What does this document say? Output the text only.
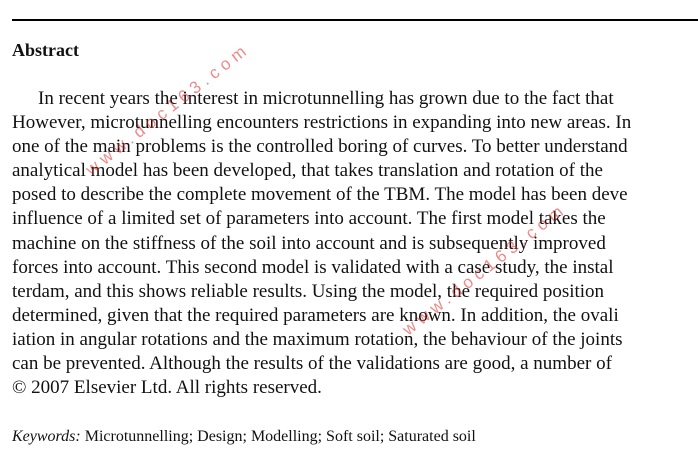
Abstract
In recent years the interest in microtunnelling has grown due to the fact that
However, microtunnelling encounters restrictions in expanding into new areas. In
one of the main problems is the controlled boring of curves. To better understand
analytical model has been developed, that takes translation and rotation of the
posed to describe the complete movement of the TBM. The model has been deve
influence of a limited set of parameters into account. The first model takes the
machine on the stiffness of the soil into account and is subsequently improved
forces into account. This second model is validated with a case study, the instal
terdam, and this shows reliable results. Using the model, the required position
determined, given that the required parameters are known. In addition, the ovali
iation in angular rotations and the maximum rotation, the behaviour of the joints
can be prevented. Although the results of the validations are good, a number of
© 2007 Elsevier Ltd. All rights reserved.
Keywords: Microtunnelling; Design; Modelling; Soft soil; Saturated soil
www.doc163.com
www.doc163.com
